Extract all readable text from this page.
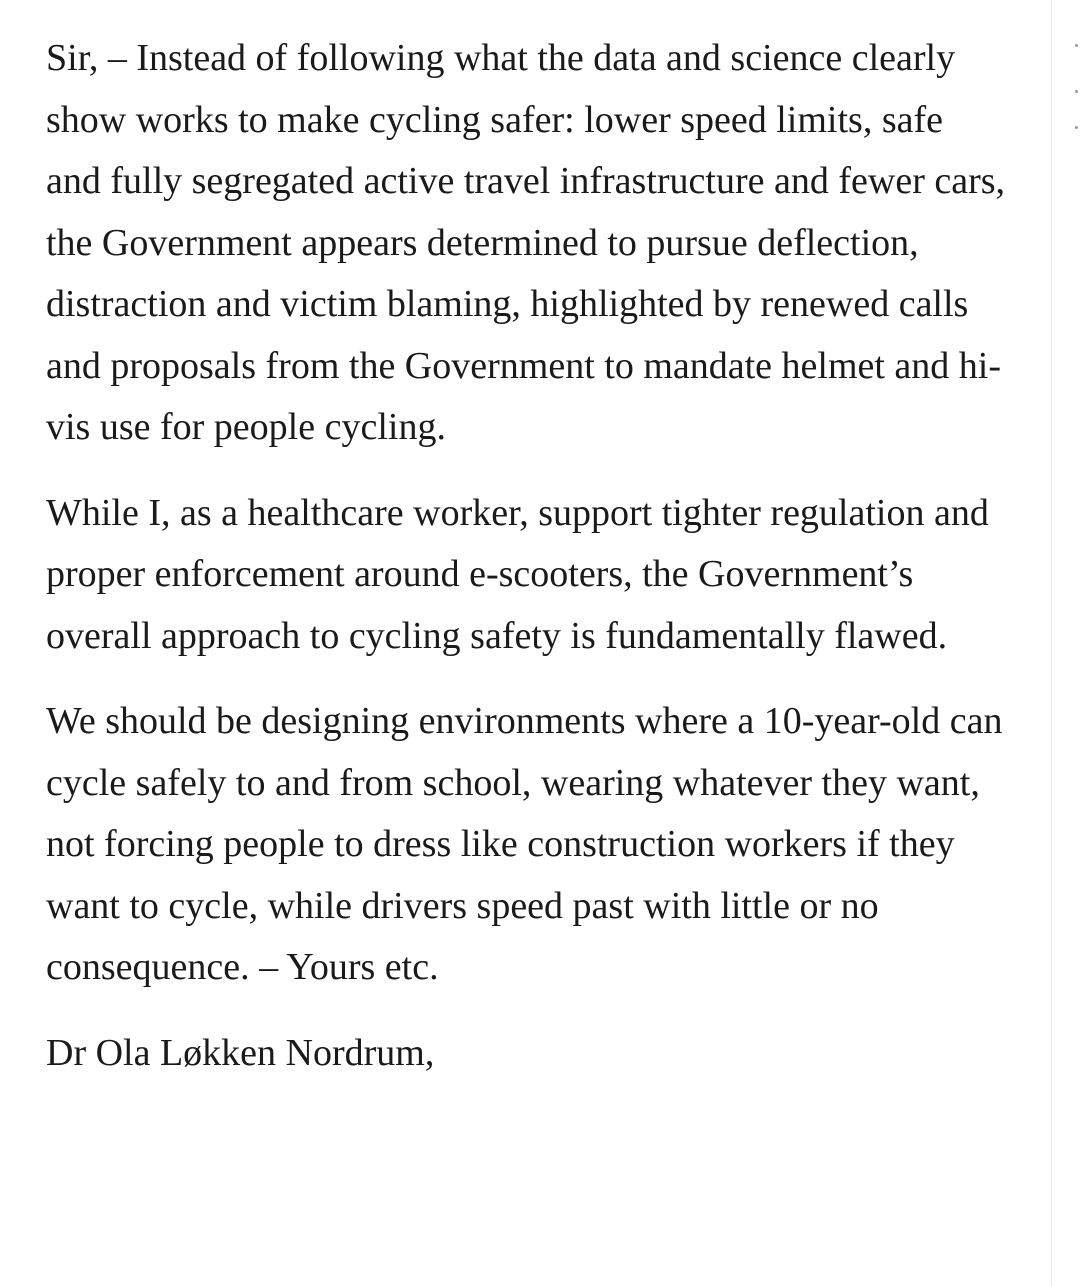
Sir, – Instead of following what the data and science clearly show works to make cycling safer: lower speed limits, safe and fully segregated active travel infrastructure and fewer cars, the Government appears determined to pursue deflection, distraction and victim blaming, highlighted by renewed calls and proposals from the Government to mandate helmet and hi-vis use for people cycling.

While I, as a healthcare worker, support tighter regulation and proper enforcement around e-scooters, the Government’s overall approach to cycling safety is fundamentally flawed.

We should be designing environments where a 10-year-old can cycle safely to and from school, wearing whatever they want, not forcing people to dress like construction workers if they want to cycle, while drivers speed past with little or no consequence. – Yours etc.

Dr Ola Løkken Nordrum,
